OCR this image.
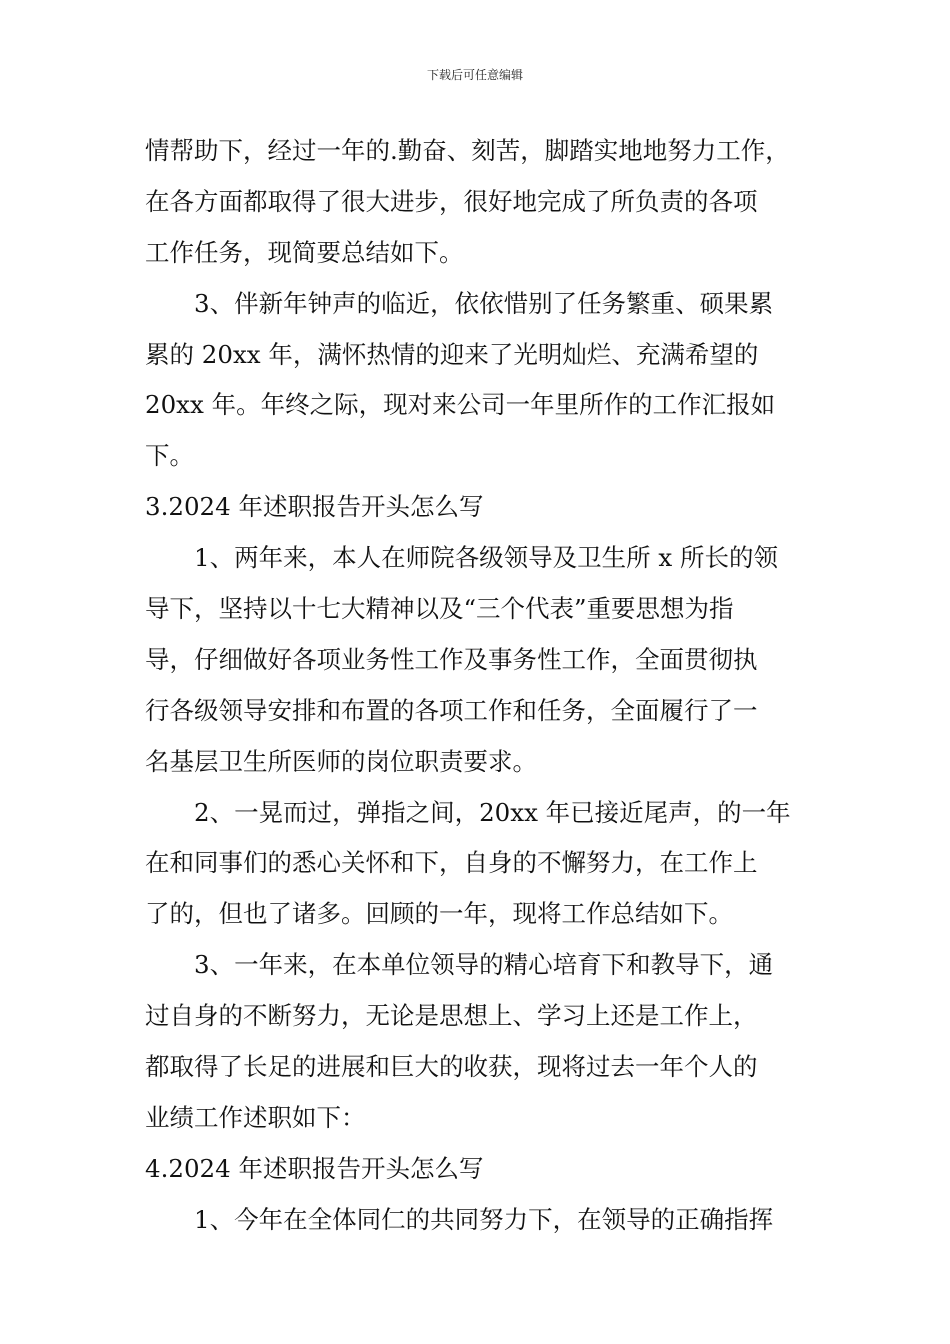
下载后可任意编辑
情帮助下，经过一年的.勤奋、刻苦，脚踏实地地努力工作，
在各方面都取得了很大进步，很好地完成了所负责的各项
工作任务，现简要总结如下。
3、伴新年钟声的临近，依依惜别了任务繁重、硕果累
累的 20xx 年，满怀热情的迎来了光明灿烂、充满希望的
20xx 年。年终之际，现对来公司一年里所作的工作汇报如
下。
3.2024 年述职报告开头怎么写
1、两年来，本人在师院各级领导及卫生所 x 所长的领
导下，坚持以十七大精神以及“三个代表”重要思想为指
导，仔细做好各项业务性工作及事务性工作，全面贯彻执
行各级领导安排和布置的各项工作和任务，全面履行了一
名基层卫生所医师的岗位职责要求。
2、一晃而过，弹指之间，20xx 年已接近尾声，的一年
在和同事们的悉心关怀和下，自身的不懈努力，在工作上
了的，但也了诸多。回顾的一年，现将工作总结如下。
3、一年来，在本单位领导的精心培育下和教导下，通
过自身的不断努力，无论是思想上、学习上还是工作上，
都取得了长足的进展和巨大的收获，现将过去一年个人的
业绩工作述职如下：
4.2024 年述职报告开头怎么写
1、今年在全体同仁的共同努力下，在领导的正确指挥
